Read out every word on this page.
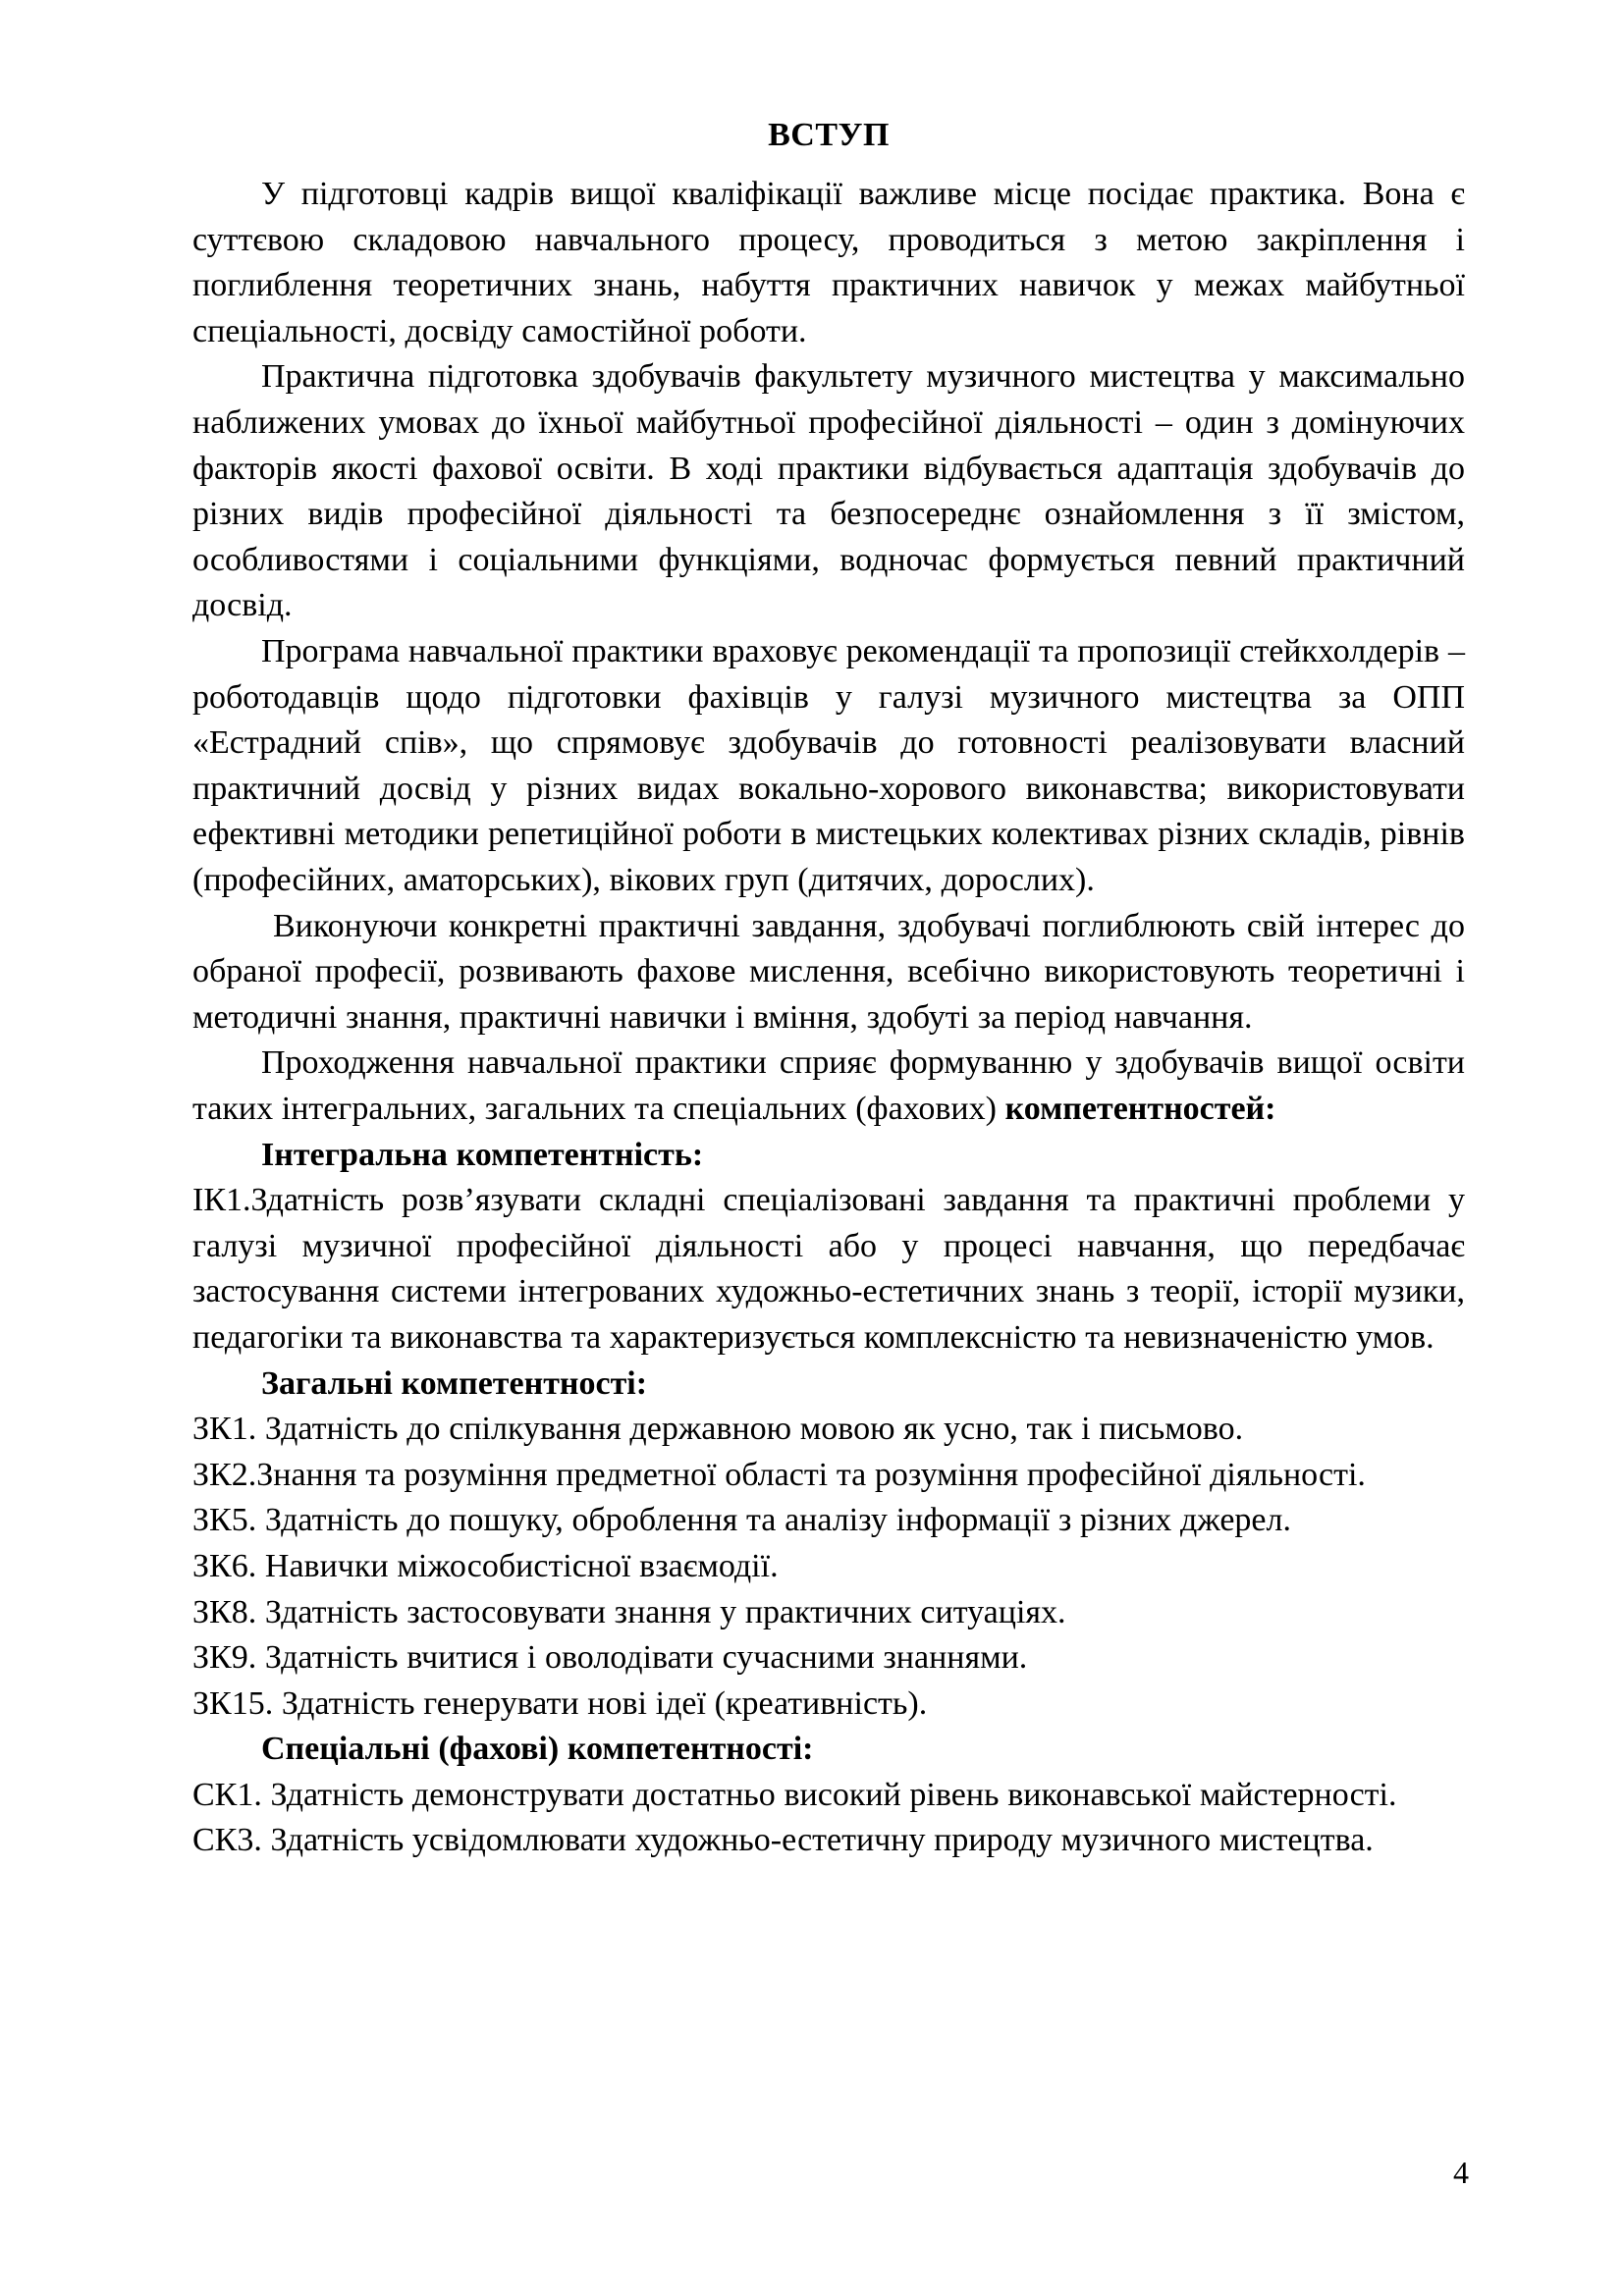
ВСТУП

У підготовці кадрів вищої кваліфікації важливе місце посідає практика. Вона є суттєвою складовою навчального процесу, проводиться з метою закріплення і поглиблення теоретичних знань, набуття практичних навичок у межах майбутньої спеціальності, досвіду самостійної роботи.

Практична підготовка здобувачів факультету музичного мистецтва у максимально наближених умовах до їхньої майбутньої професійної діяльності – один з домінуючих факторів якості фахової освіти. В ході практики відбувається адаптація здобувачів до різних видів професійної діяльності та безпосереднє ознайомлення з її змістом, особливостями і соціальними функціями, водночас формується певний практичний досвід.

Програма навчальної практики враховує рекомендації та пропозиції стейкхолдерів – роботодавців щодо підготовки фахівців у галузі музичного мистецтва за ОПП «Естрадний спів», що спрямовує здобувачів до готовності реалізовувати власний практичний досвід у різних видах вокально-хорового виконавства; використовувати ефективні методики репетиційної роботи в мистецьких колективах різних складів, рівнів (професійних, аматорських), вікових груп (дитячих, дорослих).

Виконуючи конкретні практичні завдання, здобувачі поглиблюють свій інтерес до обраної професії, розвивають фахове мислення, всебічно використовують теоретичні і методичні знання, практичні навички і вміння, здобуті за період навчання.

Проходження навчальної практики сприяє формуванню у здобувачів вищої освіти таких інтегральних, загальних та спеціальних (фахових) компетентностей:

Інтегральна компетентність:

ІК1.Здатність розв’язувати складні спеціалізовані завдання та практичні проблеми у галузі музичної професійної діяльності або у процесі навчання, що передбачає застосування системи інтегрованих художньо-естетичних знань з теорії, історії музики, педагогіки та виконавства та характеризується комплексністю та невизначеністю умов.

Загальні компетентності:

ЗК1. Здатність до спілкування державною мовою як усно, так і письмово.

ЗК2.Знання та розуміння предметної області та розуміння професійної діяльності.

ЗК5. Здатність до пошуку, оброблення та аналізу інформації з різних джерел.

ЗК6. Навички міжособистісної взаємодії.

ЗК8. Здатність застосовувати знання у практичних ситуаціях.

ЗК9. Здатність вчитися і оволодівати сучасними знаннями.

ЗК15. Здатність генерувати нові ідеї (креативність).

Спеціальні (фахові) компетентності:

СК1. Здатність демонструвати достатньо високий рівень виконавської майстерності.

СК3. Здатність усвідомлювати художньо-естетичну природу музичного мистецтва.

4
